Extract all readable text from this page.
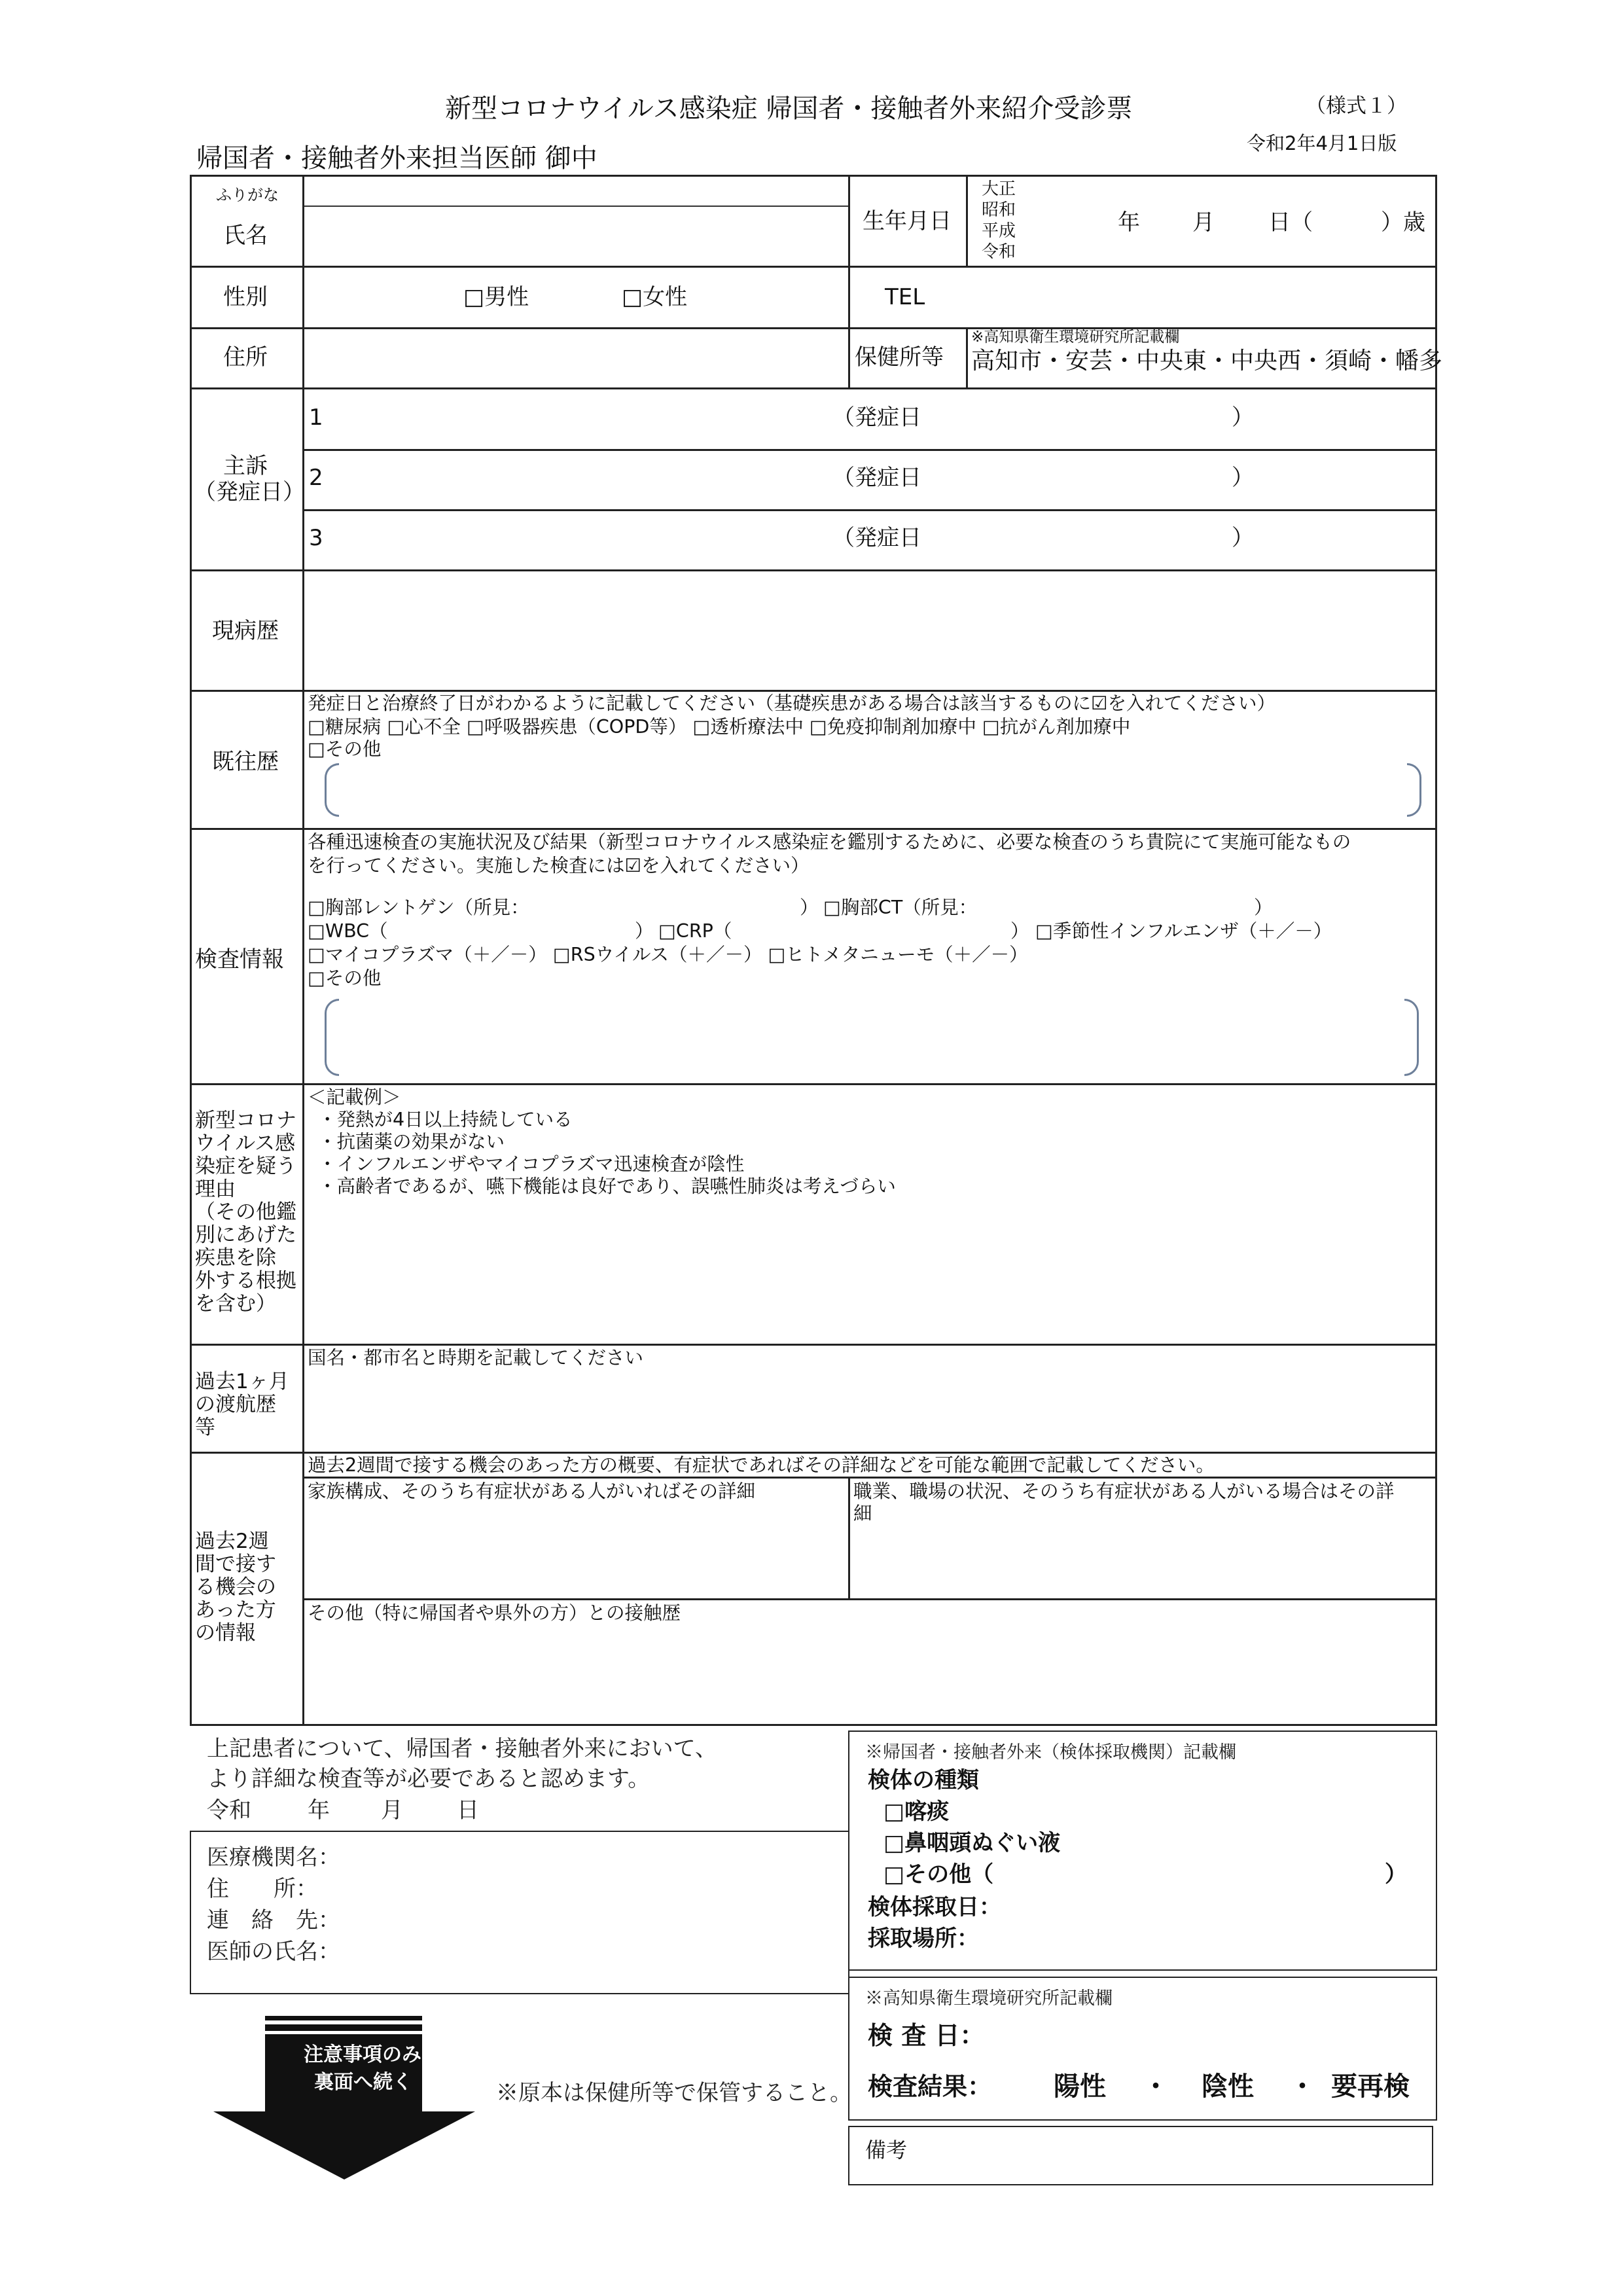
新型コロナウイルス感染症 帰国者・接触者外来紹介受診票	（様式１）
令和2年4月1日版
帰国者・接触者外来担当医師 御中
ふりがな
氏名
生年月日
大正
昭和
平成
令和
年 月 日（	）歳
性別	□男性	□女性	TEL
住所	保健所等
※高知県衛生環境研究所記載欄
高知市・安芸・中央東・中央西・須崎・幡多
主訴
（発症日）
1	（発症日	）
2	（発症日	）
3	（発症日	）
現病歴
既往歴
発症日と治療終了日がわかるように記載してください（基礎疾患がある場合は該当するものに☑を入れてください）
□糖尿病 □心不全 □呼吸器疾患（COPD等） □透析療法中 □免疫抑制剤加療中 □抗がん剤加療中
□その他
検査情報
各種迅速検査の実施状況及び結果（新型コロナウイルス感染症を鑑別するために、必要な検査のうち貴院にて実施可能なもの
を行ってください。実施した検査には☑を入れてください）
□胸部レントゲン（所見：	） □胸部CT（所見：	）
□WBC（	） □CRP（	） □季節性インフルエンザ（＋／－）
□マイコプラズマ（＋／－） □RSウイルス（＋／－） □ヒトメタニューモ（＋／－）
□その他
新型コロナ
ウイルス感
染症を疑う
理由
（その他鑑
別にあげた
疾患を除
外する根拠
を含む）
＜記載例＞
・発熱が4日以上持続している
・抗菌薬の効果がない
・インフルエンザやマイコプラズマ迅速検査が陰性
・高齢者であるが、嚥下機能は良好であり、誤嚥性肺炎は考えづらい
過去1ヶ月
の渡航歴
等
国名・都市名と時期を記載してください
過去2週
間で接す
る機会の
あった方
の情報
過去2週間で接する機会のあった方の概要、有症状であればその詳細などを可能な範囲で記載してください。
家族構成、そのうち有症状がある人がいればその詳細	職業、職場の状況、そのうち有症状がある人がいる場合はその詳
細
その他（特に帰国者や県外の方）との接触歴
上記患者について、帰国者・接触者外来において、
より詳細な検査等が必要であると認めます。
令和	年 月 日
医療機関名：
住　　所：
連　絡　先：
医師の氏名：
注意事項のみ
裏面へ続く	※原本は保健所等で保管すること。
※帰国者・接触者外来（検体採取機関）記載欄
検体の種類
□喀痰
□鼻咽頭ぬぐい液
□その他（	）
検体採取日：
採取場所：
※高知県衛生環境研究所記載欄
検 査 日：
検査結果： 陽性 ・ 陰性 ・ 要再検
備考
